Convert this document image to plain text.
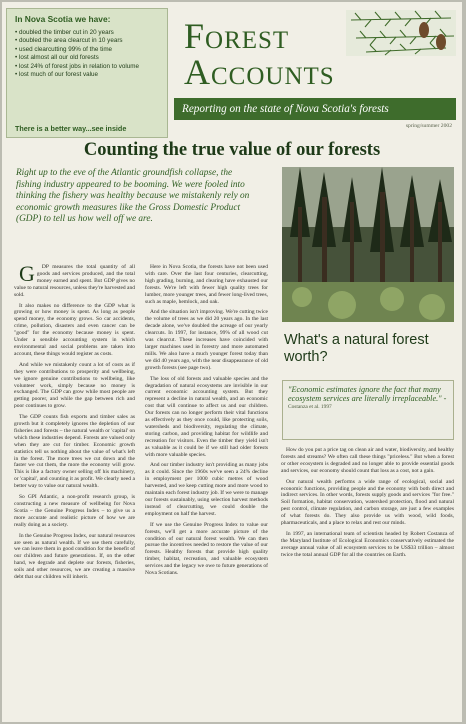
In Nova Scotia we have:
• doubled the timber cut in 20 years
• doubled the area clearcut in 10 years
• used clearcutting 99% of the time
• lost almost all our old forests
• lost 24% of forest jobs in relation to volume
• lost much of our forest value
There is a better way...see inside
Forest
Accounts
Reporting on the state of Nova Scotia's forests
spring/summer 2002
Counting the true value of our forests
Right up to the eve of the Atlantic groundfish collapse, the fishing industry appeared to be booming. We were fooled into thinking the fishery was healthy because we mistakenly rely on economic growth measures like the Gross Domestic Product (GDP) to tell us how well off we are.

G DP measures the total quantity of all goods and services produced, and the total money earned and spent. But GDP gives no value to natural resources, unless they're harvested and sold.

It also makes no difference to the GDP what is growing or how money is spent. As long as people spend money, the economy grows. So car accidents, crime, pollution, disasters and even cancer can be "good" for the economy because money is spent. Under a sensible accounting system in which environmental and social problems are taken into account, these things would register as costs.

And while we mistakenly count a lot of costs as if they were contributions to prosperity and wellbeing, we ignore genuine contributions to wellbeing, like volunteer work, simply because no money is exchanged. The GDP can grow while most people are getting poorer, and while the gap between rich and poor continues to grow.

The GDP counts fish exports and timber sales as growth but it completely ignores the depletion of our fisheries and forests – the natural wealth or 'capital' on which these industries depend. Forests are valued only when they are cut for timber. Economic growth statistics tell us nothing about the value of what's left in the forest. The more trees we cut down and the faster we cut them, the more the economy will grow. This is like a factory owner selling off his machinery, or 'capital', and counting it as profit. We clearly need a better way to value our natural wealth.

So GPI Atlantic, a non-profit research group, is constructing a new measure of wellbeing for Nova Scotia – the Genuine Progress Index – to give us a more accurate and realistic picture of how we are really doing as a society.

In the Genuine Progress Index, our natural resources are seen as natural wealth. If we use them carefully, we can leave them in good condition for the benefit of our children and future generations. If, on the other hand, we degrade and deplete our forests, fisheries, soils and other resources, we are creating a massive debt that our children will inherit.

Here in Nova Scotia, the forests have not been used with care. Over the last four centuries, clearcutting, high grading, burning, and clearing have exhausted our forests. We're left with fewer high quality trees for lumber, more younger trees, and fewer long-lived trees, such as maple, hemlock, and oak.

And the situation isn't improving. We're cutting twice the volume of trees as we did 20 years ago. In the last decade alone, we've doubled the acreage of our yearly clearcuts. In 1997, for instance, 99% of all wood cut was clearcut. These increases have coincided with larger machines used in forestry and more automated mills. We also have a much younger forest today than we did 40 years ago, with the near disappearance of old growth forests (see page two).

The loss of old forests and valuable species and the degradation of natural ecosystems are invisible in our current economic accounting system. But they represent a decline in natural wealth, and an economic cost that will continue to affect us and our children. Our forests can no longer perform their vital functions as effectively as they once could, like protecting soils, watersheds and biodiversity, regulating the climate, storing carbon, and providing habitat for wildlife and recreation for visitors. Even the timber they yield isn't as valuable as it could be if we still had older forests with more valuable species.

And our timber industry isn't providing as many jobs as it could. Since the 1960s we've seen a 24% decline in employment per 1000 cubic metres of wood harvested, and we keep cutting more and more wood to maintain each forest industry job. If we were to manage our forests sustainably, using selection harvest methods instead of clearcutting, we could double the employment on half the harvest.

If we use the Genuine Progress Index to value our forests, we'll get a more accurate picture of the condition of our natural forest wealth. We can then pursue the incentives needed to restore the value of our forests. Healthy forests that provide high quality timber, habitat, recreation, and valuable ecosystem services and the legacy we owe to future generations of Nova Scotians.

What's a natural forest worth?
"Economic estimates ignore the fact that many ecosystem services are literally irreplaceable." -
Costanza et al. 1997

How do you put a price tag on clean air and water, biodiversity, and healthy forests and streams? We often call these things "priceless." But when a forest or other ecosystem is degraded and no longer able to provide essential goods and services, our economy should count that loss as a cost, not a gain.

Our natural wealth performs a wide range of ecological, social and economic functions, providing people and the economy with both direct and indirect services. In other words, forests supply goods and services "for free." Soil formation, habitat conservation, watershed protection, flood and natural pest control, climate regulation, and carbon storage, are just a few examples of what forests do. They also provide us with wood, wild foods, pharmaceuticals, and a place to relax and rest our minds.

In 1997, an international team of scientists headed by Robert Costanza of the Maryland Institute of Ecological Economics conservatively estimated the average annual value of all ecosystem services to be US$33 trillion – almost twice the total annual GDP for all the countries on Earth.
